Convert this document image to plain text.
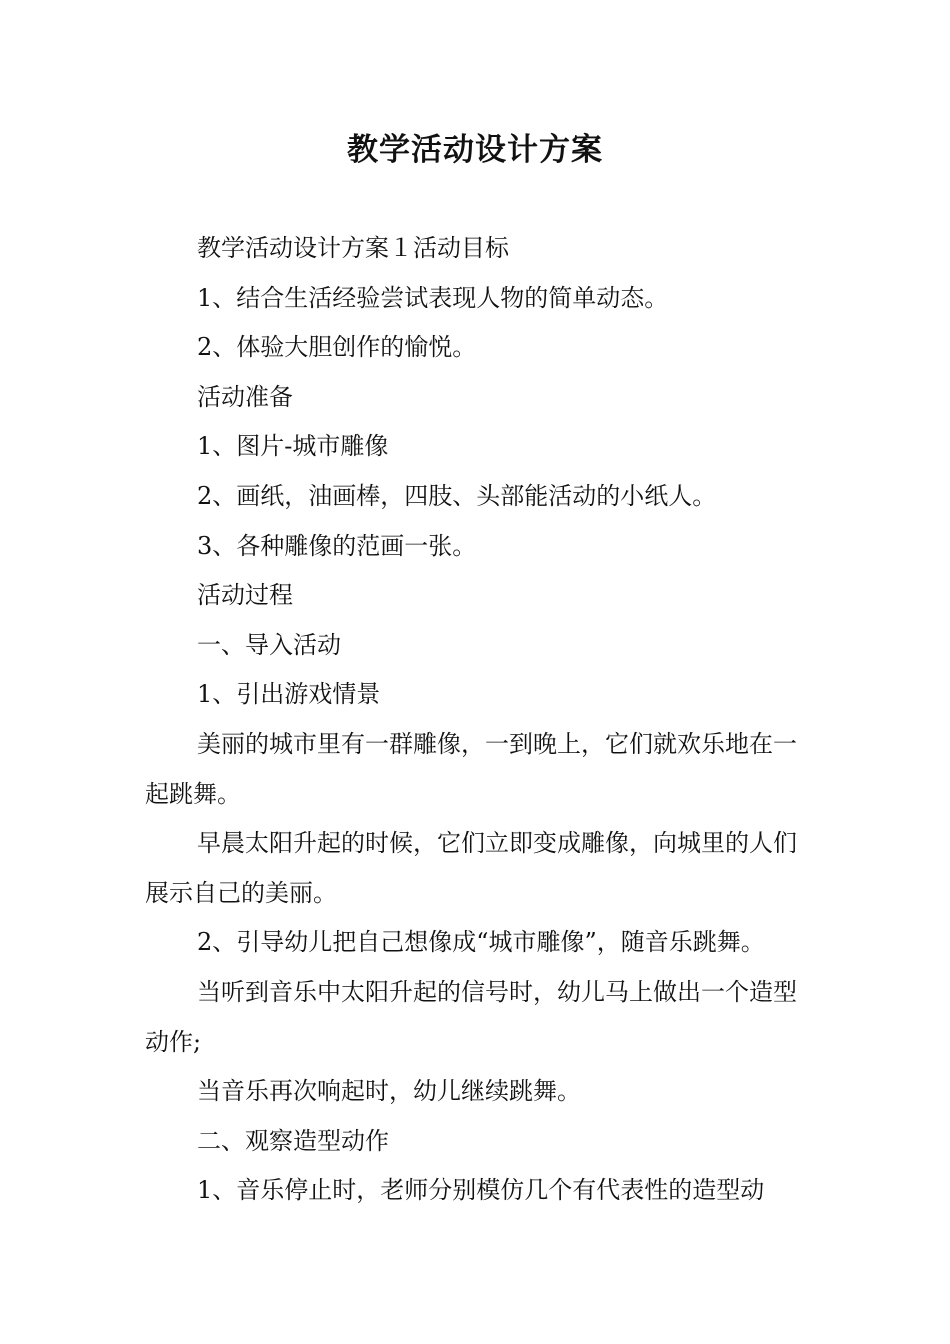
教学活动设计方案

教学活动设计方案１活动目标

1、结合生活经验尝试表现人物的简单动态。

2、体验大胆创作的愉悦。

活动准备

1、图片-城市雕像

2、画纸，油画棒，四肢、头部能活动的小纸人。

3、各种雕像的范画一张。

活动过程

一、导入活动

1、引出游戏情景

美丽的城市里有一群雕像，一到晚上，它们就欢乐地在一起跳舞。

早晨太阳升起的时候，它们立即变成雕像，向城里的人们展示自己的美丽。

2、引导幼儿把自己想像成“城市雕像”，随音乐跳舞。

当听到音乐中太阳升起的信号时，幼儿马上做出一个造型动作;

当音乐再次响起时，幼儿继续跳舞。

二、观察造型动作

1、音乐停止时，老师分别模仿几个有代表性的造型动
